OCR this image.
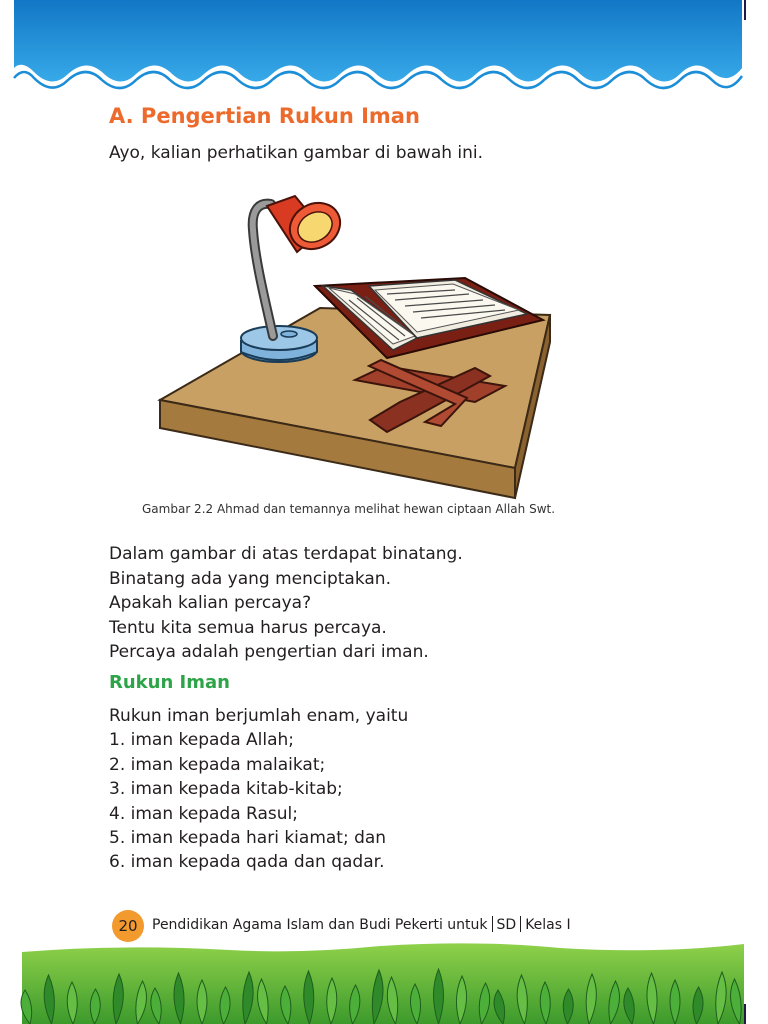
A. Pengertian Rukun Iman

Ayo, kalian perhatikan gambar di bawah ini.

Gambar 2.2 Ahmad dan temannya melihat hewan ciptaan Allah Swt.

Dalam gambar di atas terdapat binatang.
Binatang ada yang menciptakan.
Apakah kalian percaya?
Tentu kita semua harus percaya.
Percaya adalah pengertian dari iman.
Rukun Iman
Rukun iman berjumlah enam, yaitu
1. iman kepada Allah;
2. iman kepada malaikat;
3. iman kepada kitab-kitab;
4. iman kepada Rasul;
5. iman kepada hari kiamat; dan
6. iman kepada qada dan qadar.
20	Pendidikan Agama Islam dan Budi Pekerti untuk SD Kelas I
